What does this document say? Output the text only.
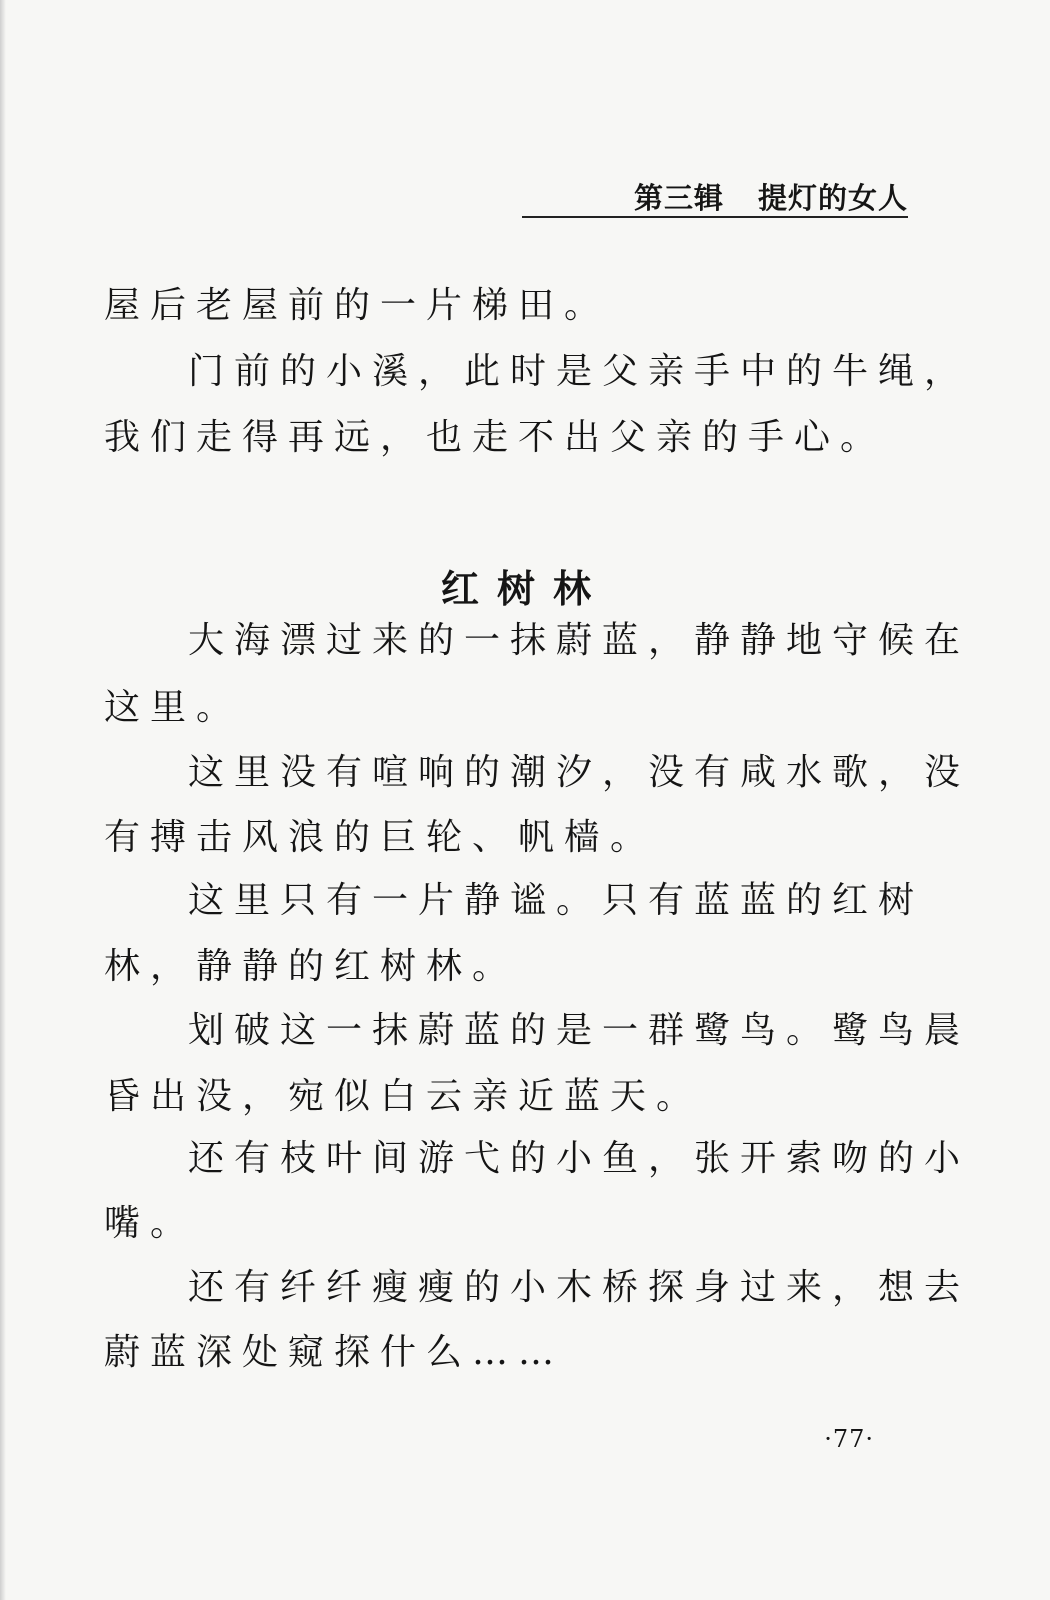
第三辑 提灯的女人
屋后老屋前的一片梯田。
门前的小溪，此时是父亲手中的牛绳，
我们走得再远，也走不出父亲的手心。
红树林
大海漂过来的一抹蔚蓝，静静地守候在
这里。
这里没有喧响的潮汐，没有咸水歌，没
有搏击风浪的巨轮、帆樯。
这里只有一片静谧。只有蓝蓝的红树
林，静静的红树林。
划破这一抹蔚蓝的是一群鹭鸟。鹭鸟晨
昏出没，宛似白云亲近蓝天。
还有枝叶间游弋的小鱼，张开索吻的小
嘴。
还有纤纤瘦瘦的小木桥探身过来，想去
蔚蓝深处窥探什么……
·77·
